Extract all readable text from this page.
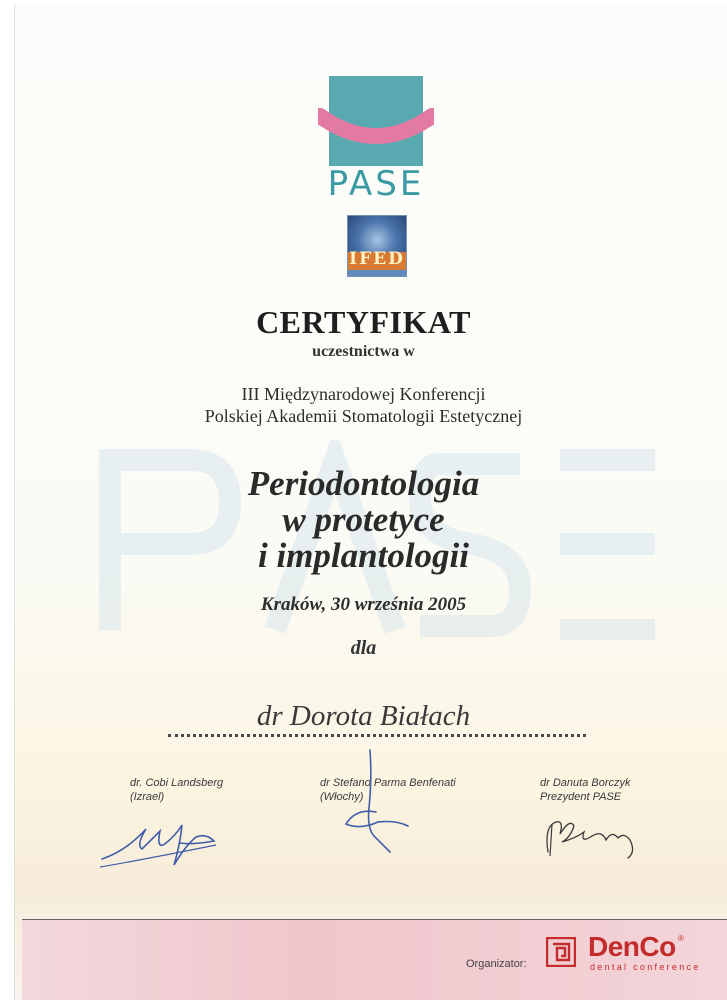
PASE
IFED
CERTYFIKAT
uczestnictwa w
III Międzynarodowej Konferencji
Polskiej Akademii Stomatologii Estetycznej
Periodontologia
w protetyce
i implantologii
Kraków, 30 września 2005
dla
dr Dorota Białach
dr. Cobi Landsberg
(Izrael)
dr Stefano Parma Benfenati
(Włochy)
dr Danuta Borczyk
Prezydent PASE
Organizator:
DenCo ®
dental conference
